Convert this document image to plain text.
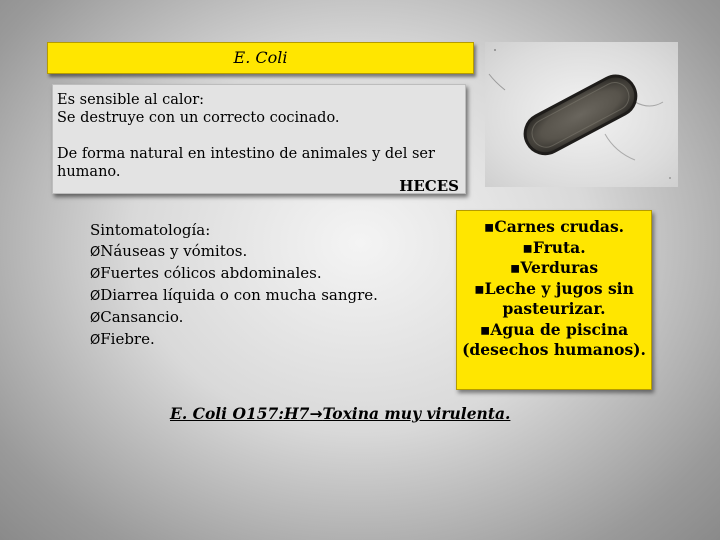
E. Coli
Es sensible al calor:
Se destruye con un correcto cocinado.
De forma natural en intestino de animales y del ser
humano.
HECES
Sintomatología:
ØNáuseas y vómitos.
ØFuertes cólicos abdominales.
ØDiarrea líquida o con mucha sangre.
ØCansancio.
ØFiebre.
▪Carnes crudas.
▪Fruta.
▪Verduras
▪Leche y jugos sin pasteurizar.
▪Agua de piscina (desechos humanos).
E. Coli O157:H7→Toxina muy virulenta.
